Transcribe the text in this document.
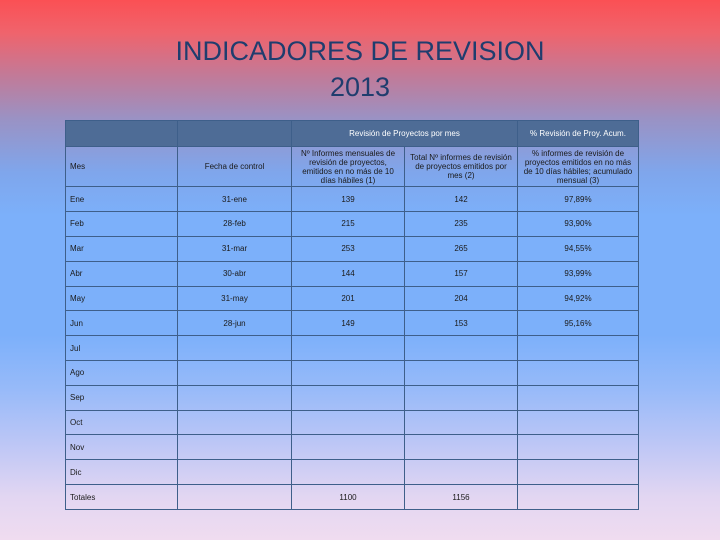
INDICADORES DE REVISION
2013
		Revisión de Proyectos por mes		% Revisión de Proy. Acum.
Mes	Fecha de control	Nº Informes mensuales de revisión de proyectos, emitidos en no más de 10 días hábiles (1)	Total Nº informes de revisión de proyectos emitidos por mes (2)	% informes de revisión de proyectos emitidos en no más de 10 días hábiles; acumulado mensual (3)
Ene	31-ene	139	142	97,89%
Feb	28-feb	215	235	93,90%
Mar	31-mar	253	265	94,55%
Abr	30-abr	144	157	93,99%
May	31-may	201	204	94,92%
Jun	28-jun	149	153	95,16%
Jul				
Ago				
Sep				
Oct				
Nov				
Dic				
Totales		1100	1156	
